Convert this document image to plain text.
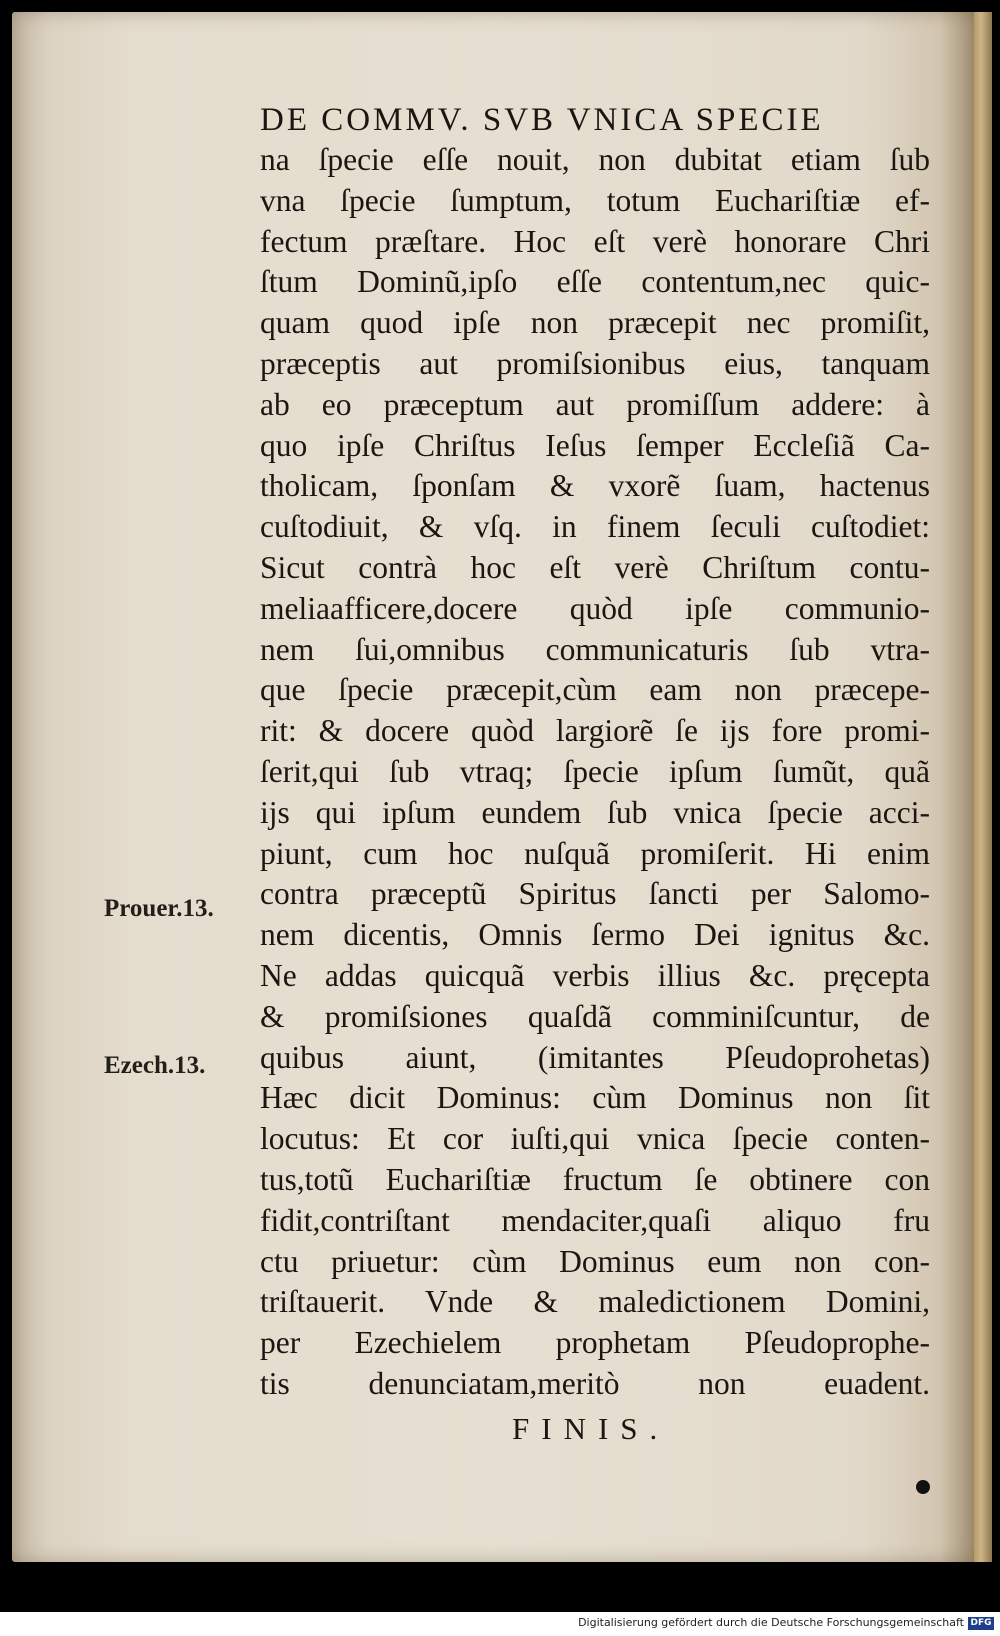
DE COMMV. SVB VNICA SPECIE
na ſpecie eſſe nouit, non dubitat etiam ſub
vna ſpecie ſumptum, totum Euchariſtiæ ef-
fectum præſtare. Hoc eſt verè honorare Chri
ſtum Dominũ,ipſo eſſe contentum,nec quic-
quam quod ipſe non præcepit nec promiſit,
præceptis aut promiſsionibus eius, tanquam
ab eo præceptum aut promiſſum addere: à
quo ipſe Chriſtus Ieſus ſemper Eccleſiã Ca-
tholicam, ſponſam & vxorẽ ſuam, hactenus
cuſtodiuit, & vſq. in finem ſeculi cuſtodiet:
Sicut contrà hoc eſt verè Chriſtum contu-
meliaafficere,docere quòd ipſe communio-
nem ſui,omnibus communicaturis ſub vtra-
que ſpecie præcepit,cùm eam non præcepe-
rit: & docere quòd largiorẽ ſe ijs fore promi-
ſerit,qui ſub vtraq; ſpecie ipſum ſumũt, quã
ijs qui ipſum eundem ſub vnica ſpecie acci-
piunt, cum hoc nuſquã promiſerit. Hi enim
contra præceptũ Spiritus ſancti per Salomo-
nem dicentis, Omnis ſermo Dei ignitus &c.
Ne addas quicquã verbis illius &c. pręcepta
& promiſsiones quaſdã comminiſcuntur, de
quibus aiunt, (imitantes Pſeudoprohetas)
Hæc dicit Dominus: cùm Dominus non ſit
locutus: Et cor iuſti,qui vnica ſpecie conten-
tus,totũ Euchariſtiæ fructum ſe obtinere con
fidit,contriſtant mendaciter,quaſi aliquo fru
ctu priuetur: cùm Dominus eum non con-
triſtauerit. Vnde & maledictionem Domini,
per Ezechielem prophetam Pſeudoprophe-
tis denunciatam,meritò non euadent.
FINIS.
Prouer.13.
Ezech.13.
Digitalisierung gefördert durch die Deutsche Forschungsgemeinschaft DFG
